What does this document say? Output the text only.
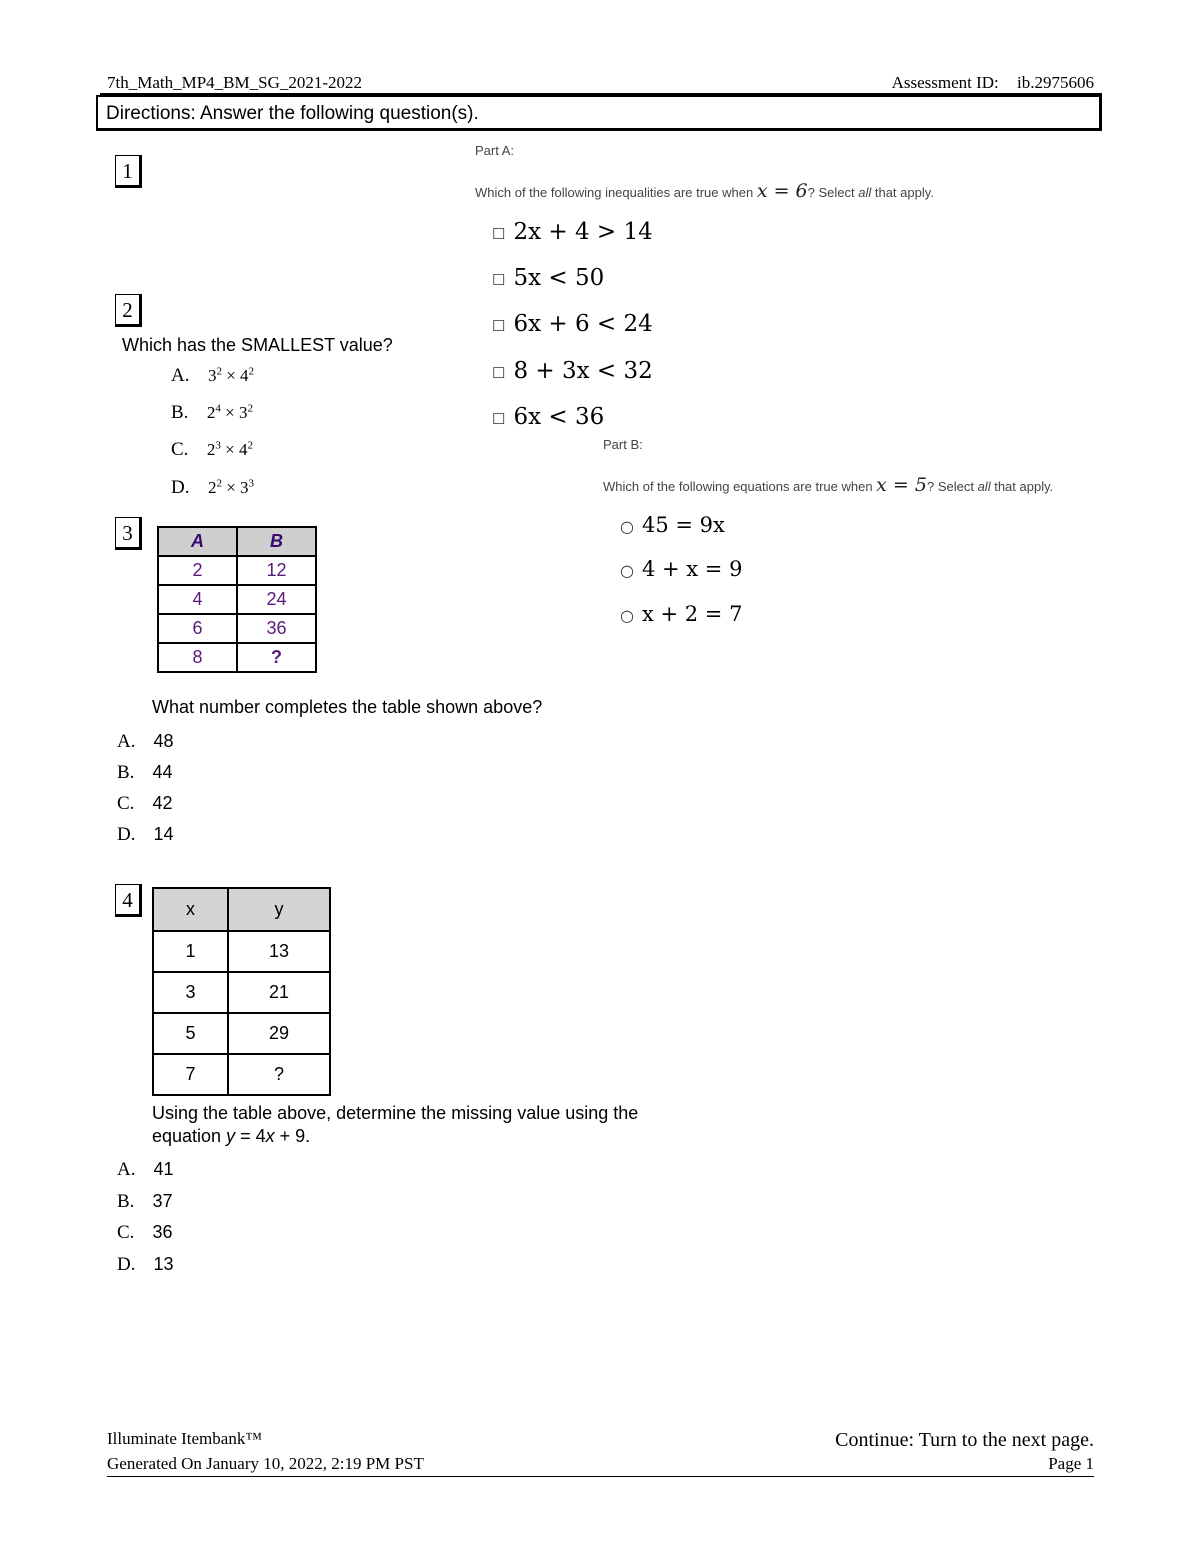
7th_Math_MP4_BM_SG_2021-2022	Assessment ID: ib.2975606
Directions: Answer the following question(s).
1
Part A:
Which of the following inequalities are true when x = 6? Select all that apply.
☐ 2x + 4 > 14
☐ 5x < 50
☐ 6x + 6 < 24
☐ 8 + 3x < 32
☐ 6x < 36
Part B:
Which of the following equations are true when x = 5? Select all that apply.
○ 45 = 9x
○ 4 + x = 9
○ x + 2 = 7
2
Which has the SMALLEST value?
A. $3^2 \times 4^2$
B. $2^4 \times 3^2$
C. $2^3 \times 4^2$
D. $2^2 \times 3^3$
3	A	B
2	12
4	24
6	36
8	?
What number completes the table shown above?
A. 48
B. 44
C. 42
D. 14
4	x	y
1	13
3	21
5	29
7	?
Using the table above, determine the missing value using the
equation y = 4x + 9.
A. 41
B. 37
C. 36
D. 13
Illuminate Itembank™
Generated On January 10, 2022, 2:19 PM PST
Continue: Turn to the next page.
Page 1
